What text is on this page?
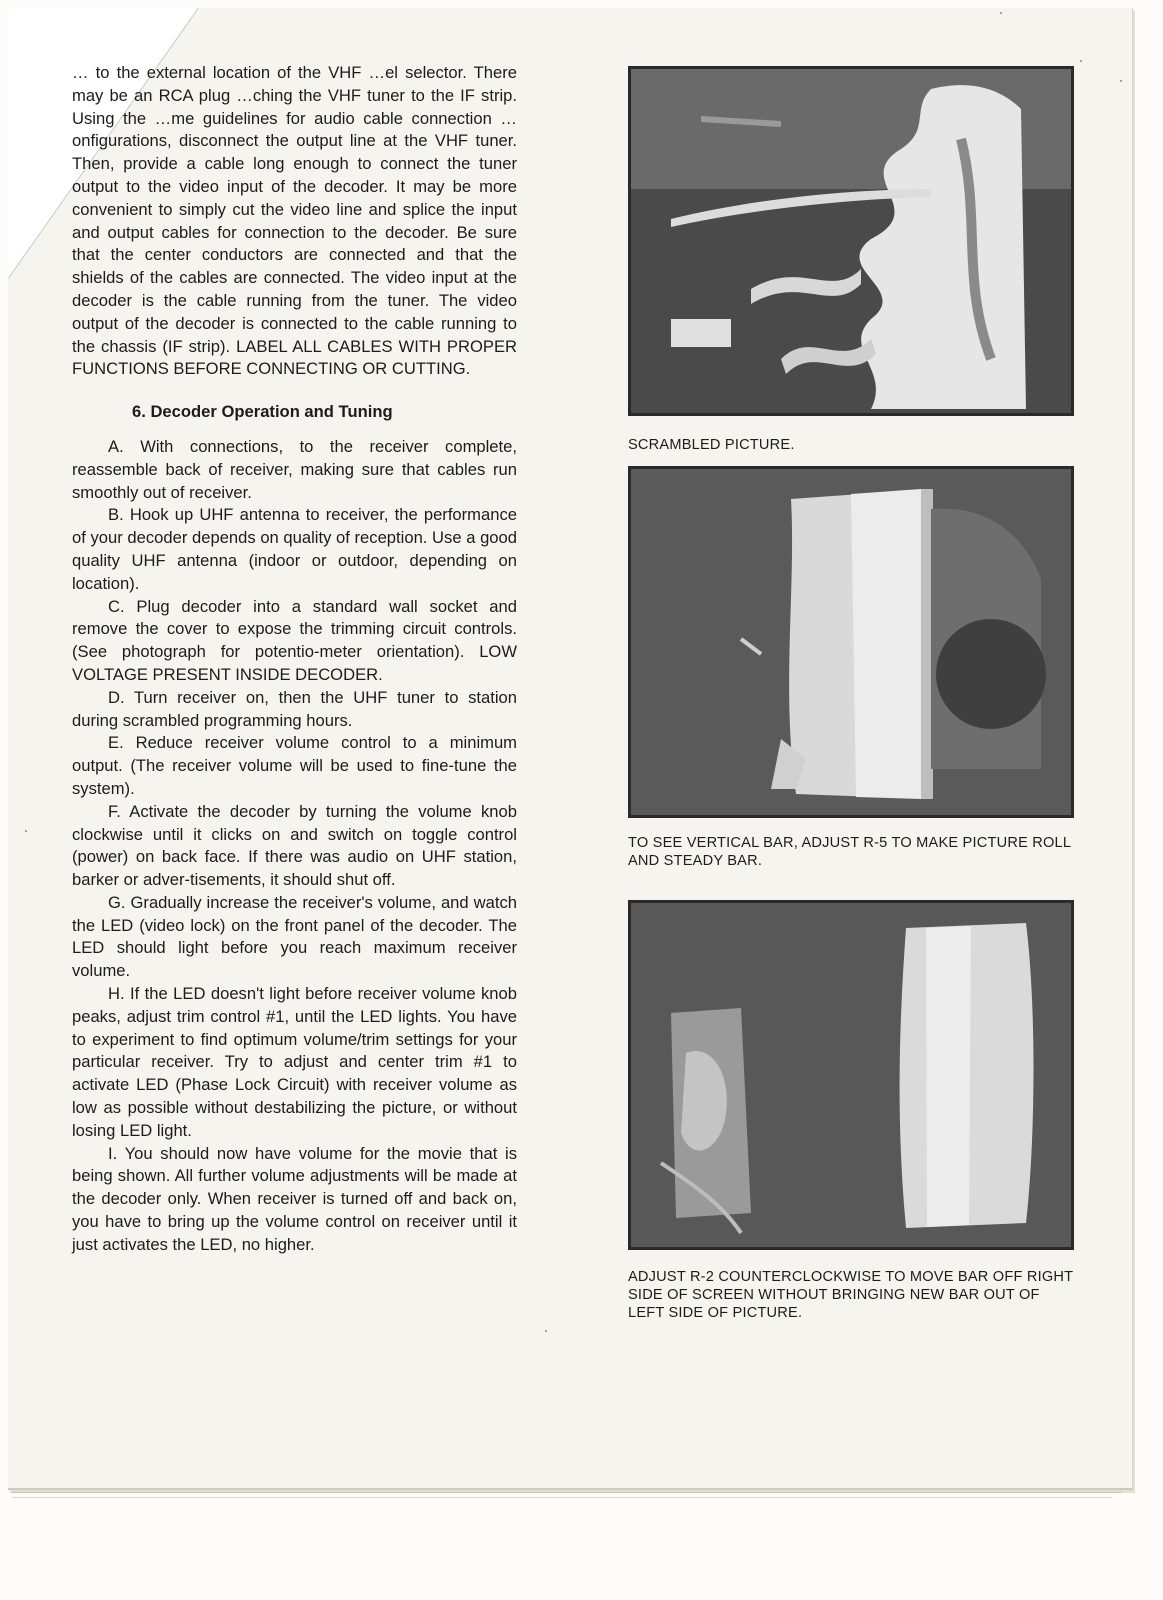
… to the external location of the VHF …el selector. There may be an RCA plug …ching the VHF tuner to the IF strip. Using the …me guidelines for audio cable connection …onfigurations, disconnect the output line at the VHF tuner. Then, provide a cable long enough to connect the tuner output to the video input of the decoder. It may be more convenient to simply cut the video line and splice the input and output cables for connection to the decoder. Be sure that the center conductors are connected and that the shields of the cables are connected. The video input at the decoder is the cable running from the tuner. The video output of the decoder is connected to the cable running to the chassis (IF strip). LABEL ALL CABLES WITH PROPER FUNCTIONS BEFORE CONNECTING OR CUTTING.

6. Decoder Operation and Tuning

A. With connections, to the receiver complete, reassemble back of receiver, making sure that cables run smoothly out of receiver.

B. Hook up UHF antenna to receiver, the performance of your decoder depends on quality of reception. Use a good quality UHF antenna (indoor or outdoor, depending on location).

C. Plug decoder into a standard wall socket and remove the cover to expose the trimming circuit controls. (See photograph for potentio-meter orientation). LOW VOLTAGE PRESENT INSIDE DECODER.

D. Turn receiver on, then the UHF tuner to station during scrambled programming hours.

E. Reduce receiver volume control to a minimum output. (The receiver volume will be used to fine-tune the system).

F. Activate the decoder by turning the volume knob clockwise until it clicks on and switch on toggle control (power) on back face. If there was audio on UHF station, barker or adver-tisements, it should shut off.

G. Gradually increase the receiver's volume, and watch the LED (video lock) on the front panel of the decoder. The LED should light before you reach maximum receiver volume.

H. If the LED doesn't light before receiver volume knob peaks, adjust trim control #1, until the LED lights. You have to experiment to find optimum volume/trim settings for your particular receiver. Try to adjust and center trim #1 to activate LED (Phase Lock Circuit) with receiver volume as low as possible without destabilizing the picture, or without losing LED light.

I. You should now have volume for the movie that is being shown. All further volume adjustments will be made at the decoder only. When receiver is turned off and back on, you have to bring up the volume control on receiver until it just activates the LED, no higher.

SCRAMBLED PICTURE.
TO SEE VERTICAL BAR, ADJUST R-5 TO MAKE PICTURE ROLL AND STEADY BAR.
ADJUST R-2 COUNTERCLOCKWISE TO MOVE BAR OFF RIGHT SIDE OF SCREEN WITHOUT BRINGING NEW BAR OUT OF LEFT SIDE OF PICTURE.
